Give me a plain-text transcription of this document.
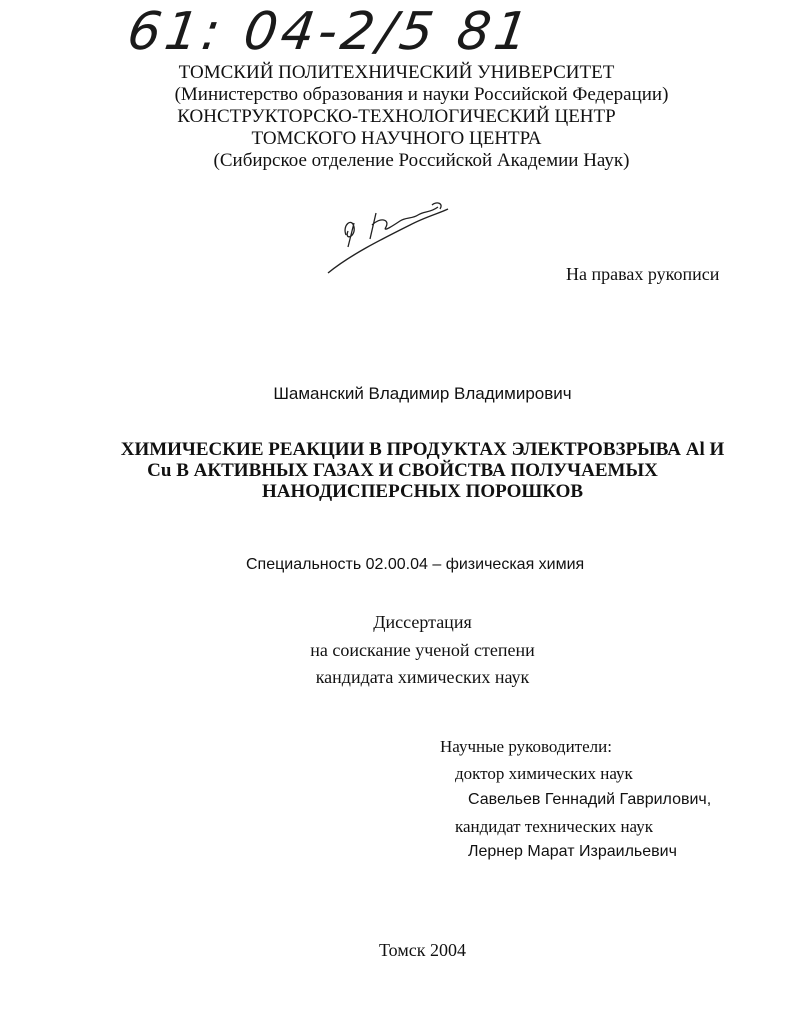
61: 04-2/5 81
ТОМСКИЙ ПОЛИТЕХНИЧЕСКИЙ УНИВЕРСИТЕТ
(Министерство образования и науки Российской Федерации)
КОНСТРУКТОРСКО-ТЕХНОЛОГИЧЕСКИЙ ЦЕНТР
ТОМСКОГО НАУЧНОГО ЦЕНТРА
(Сибирское отделение Российской Академии Наук)
На правах рукописи
Шаманский Владимир Владимирович
ХИМИЧЕСКИЕ РЕАКЦИИ В ПРОДУКТАХ ЭЛЕКТРОВЗРЫВА Al И
Cu В АКТИВНЫХ ГАЗАХ И СВОЙСТВА ПОЛУЧАЕМЫХ
НАНОДИСПЕРСНЫХ ПОРОШКОВ
Специальность 02.00.04 – физическая химия
Диссертация
на соискание ученой степени
кандидата химических наук
Научные руководители:
доктор химических наук
Савельев Геннадий Гаврилович,
кандидат технических наук
Лернер Марат Израильевич
Томск 2004
